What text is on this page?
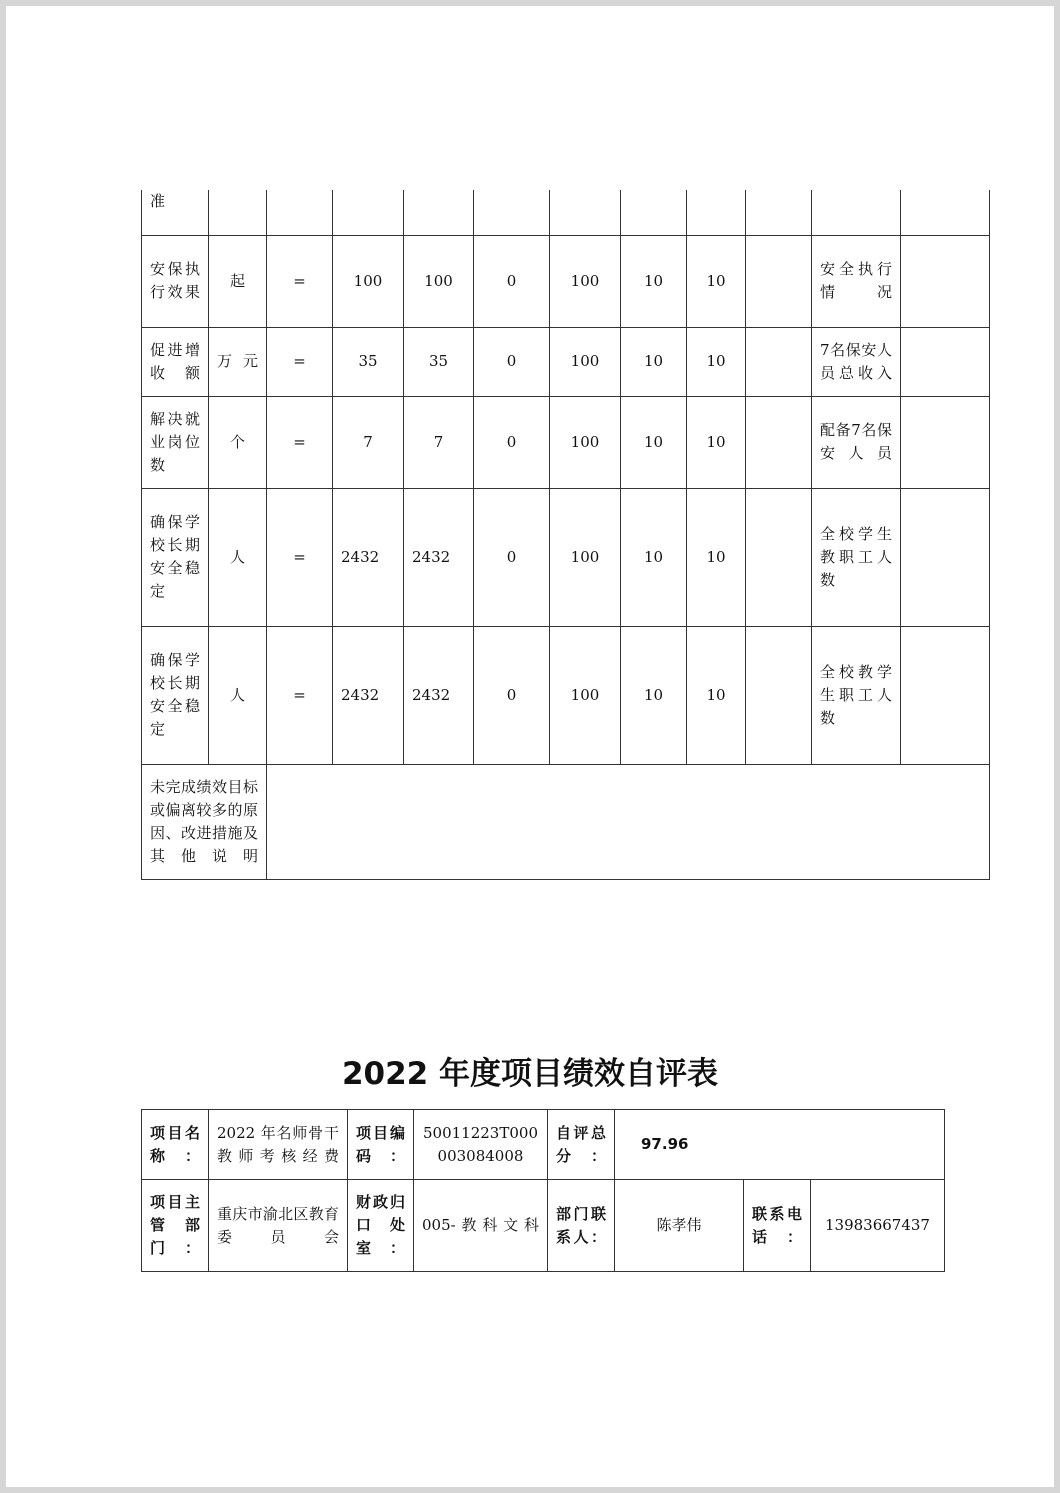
准											
安保执行效果	起	=	100	100	0	100	10	10		安全执行情况	
促进增收额	万元	=	35	35	0	100	10	10		7名保安人员总收入	
解决就业岗位数	个	=	7	7	0	100	10	10		配备7名保安人员	
确保学校长期安全稳定	人	=	2432	2432	0	100	10	10		全校学生教职工人数	
确保学校长期安全稳定	人	=	2432	2432	0	100	10	10		全校教学生职工人数	
未完成绩效目标或偏离较多的原因、改进措施及其他说明											
2022 年度项目绩效自评表
项目名称：	2022 年名师骨干教师考核经费	项目编码：	50011223T000003084008	自评总分：	97.96		
项目主管部门：	重庆市渝北区教育委员会	财政归口处室：	005-教科文科	部门联系人：	陈孝伟	联系电话：	13983667437
